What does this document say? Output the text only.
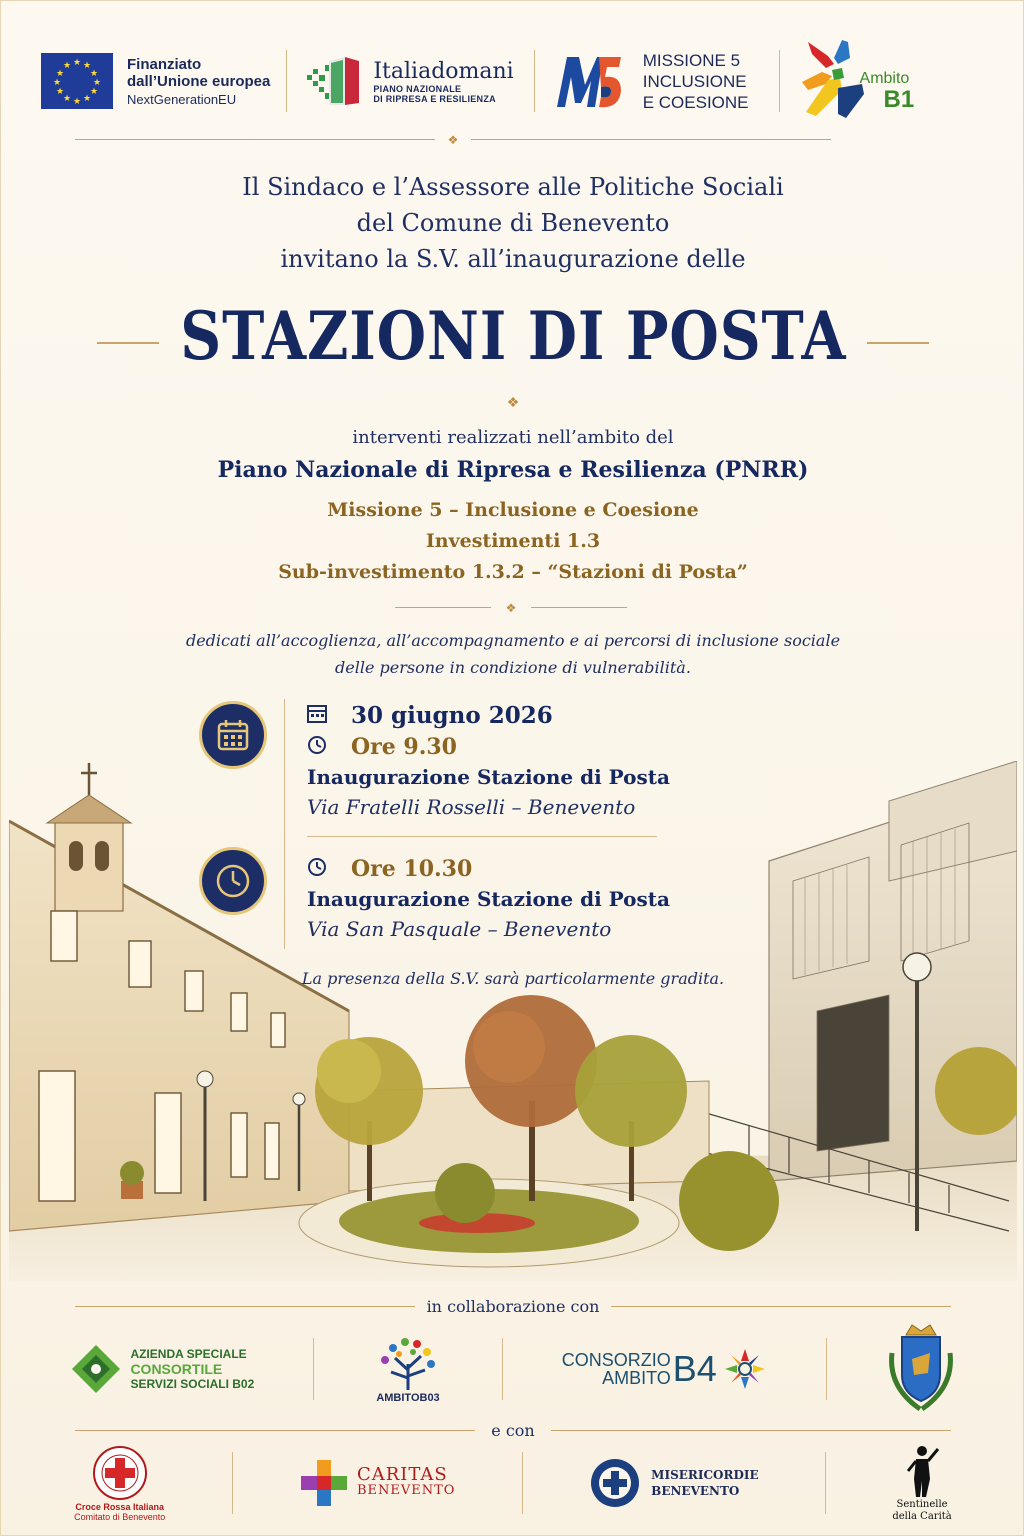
★ ★
★
★
★
★
★
★
★
★
★
★	Finanziato
dall’Unione europea
NextGenerationEU
Italiadomani
PIANO NAZIONALE
DI RIPRESA E RESILIENZA
MISSIONE 5
INCLUSIONE
E COESIONE
Ambito
B1
❖
Il Sindaco e l’Assessore alle Politiche Sociali
del Comune di Benevento
invitano la S.V. all’inaugurazione delle
STAZIONI DI POSTA
❖
interventi realizzati nell’ambito del
Piano Nazionale di Ripresa e Resilienza (PNRR)
Missione 5 – Inclusione e Coesione
Investimenti 1.3
Sub-investimento 1.3.2 – “Stazioni di Posta”
❖
dedicati all’accoglienza, all’accompagnamento e ai percorsi di inclusione sociale
delle persone in condizione di vulnerabilità.
30 giugno 2026
Ore 9.30
Inaugurazione Stazione di Posta
Via Fratelli Rosselli – Benevento
Ore 10.30
Inaugurazione Stazione di Posta
Via San Pasquale – Benevento
La presenza della S.V. sarà particolarmente gradita.
in collaborazione con
AZIENDA SPECIALE
CONSORTILE
SERVIZI SOCIALI B02
AMBITOB03
CONSORZIO
AMBITO B4
e con
Croce Rossa Italiana
Comitato di Benevento
CARITAS
BENEVENTO
MISERICORDIE
BENEVENTO
Sentinelle
della Carità
